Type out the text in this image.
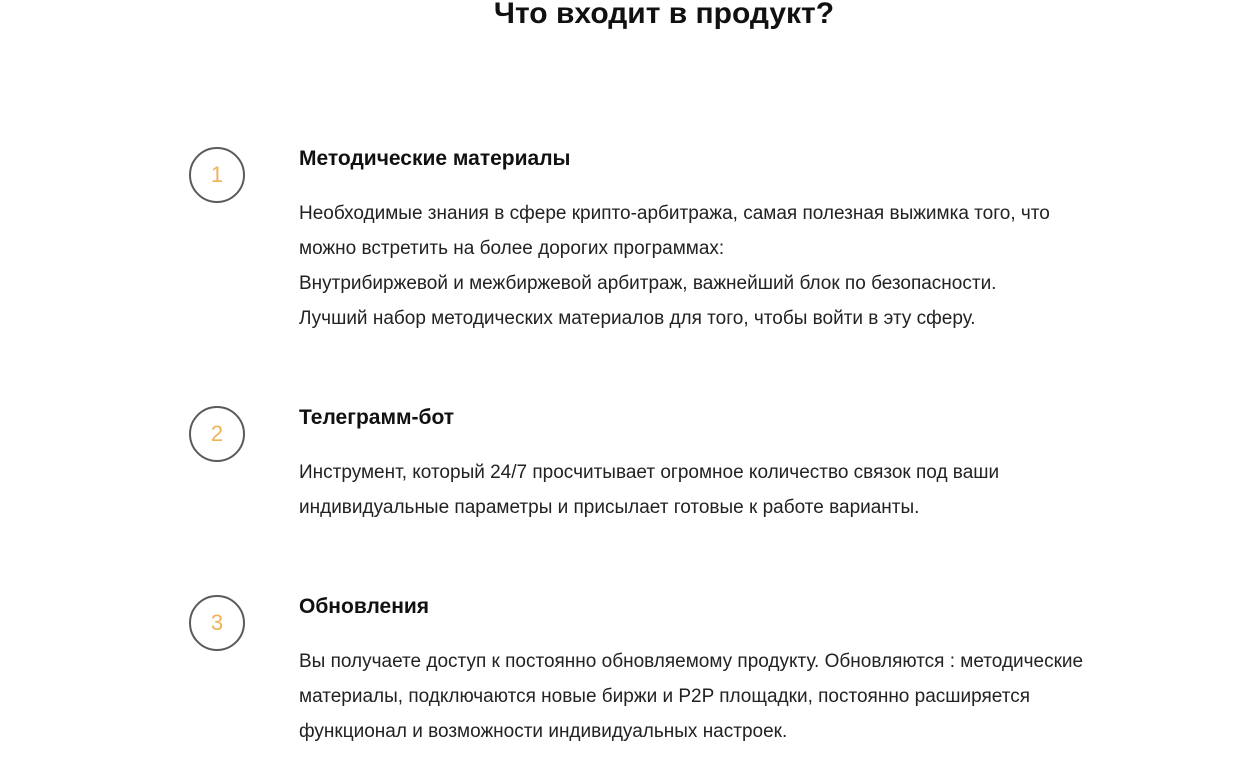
Что входит в продукт?
1
Методические материалы
Необходимые знания в сфере крипто-арбитража, самая полезная выжимка того, что
можно встретить на более дорогих программах:
Внутрибиржевой и межбиржевой арбитраж, важнейший блок по безопасности.
Лучший набор методических материалов для того, чтобы войти в эту сферу.
2
Телеграмм-бот
Инструмент, который 24/7 просчитывает огромное количество связок под ваши
индивидуальные параметры и присылает готовые к работе варианты.
3
Обновления
Вы получаете доступ к постоянно обновляемому продукту. Обновляются : методические
материалы, подключаются новые биржи и P2P площадки, постоянно расширяется
функционал и возможности индивидуальных настроек.
